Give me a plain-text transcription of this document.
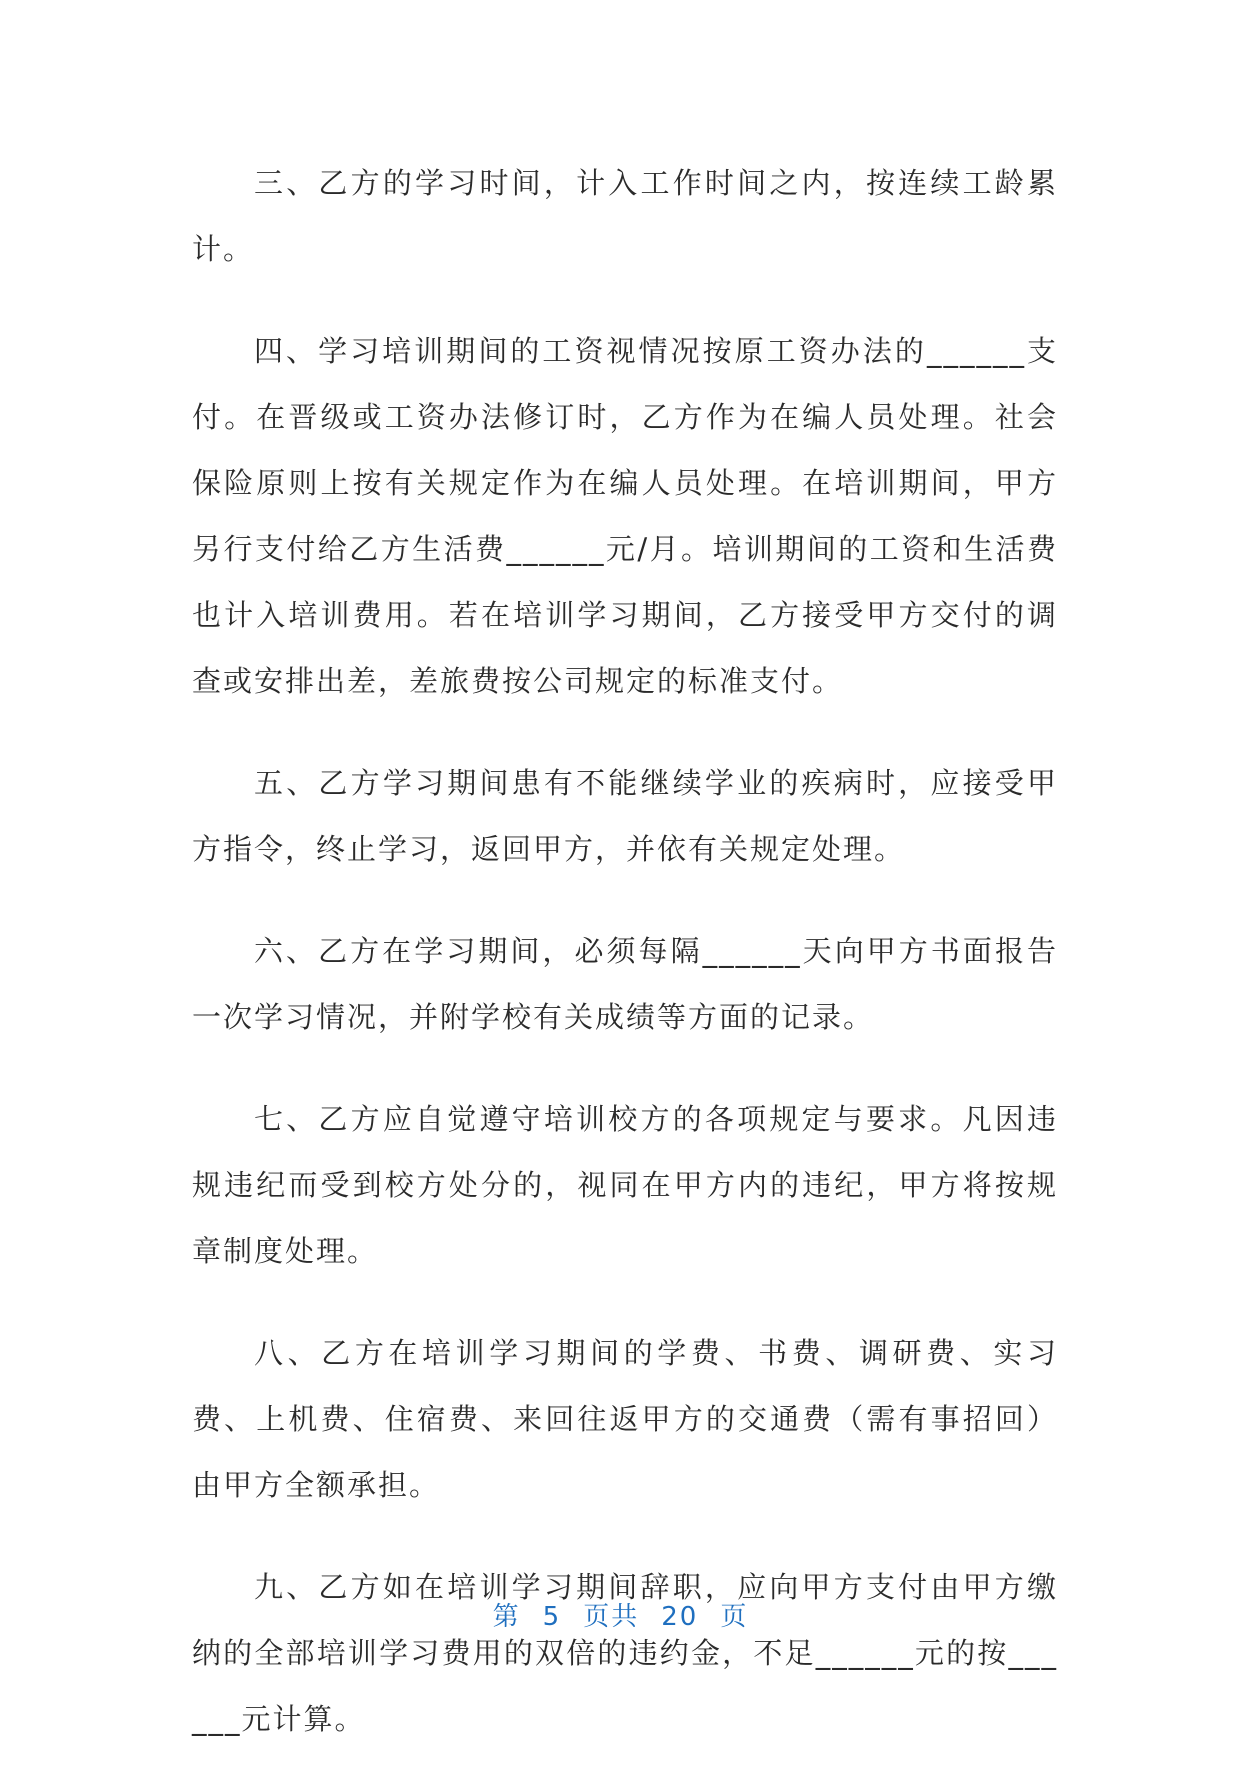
三、乙方的学习时间，计入工作时间之内，按连续工龄累计。

四、学习培训期间的工资视情况按原工资办法的______支付。在晋级或工资办法修订时，乙方作为在编人员处理。社会保险原则上按有关规定作为在编人员处理。在培训期间，甲方另行支付给乙方生活费______元/月。培训期间的工资和生活费也计入培训费用。若在培训学习期间，乙方接受甲方交付的调查或安排出差，差旅费按公司规定的标准支付。

五、乙方学习期间患有不能继续学业的疾病时，应接受甲方指令，终止学习，返回甲方，并依有关规定处理。

六、乙方在学习期间，必须每隔______天向甲方书面报告一次学习情况，并附学校有关成绩等方面的记录。

七、乙方应自觉遵守培训校方的各项规定与要求。凡因违规违纪而受到校方处分的，视同在甲方内的违纪，甲方将按规章制度处理。

八、乙方在培训学习期间的学费、书费、调研费、实习费、上机费、住宿费、来回往返甲方的交通费（需有事招回）由甲方全额承担。

九、乙方如在培训学习期间辞职，应向甲方支付由甲方缴纳的全部培训学习费用的双倍的违约金，不足______元的按______元计算。

第 5 页共 20 页
